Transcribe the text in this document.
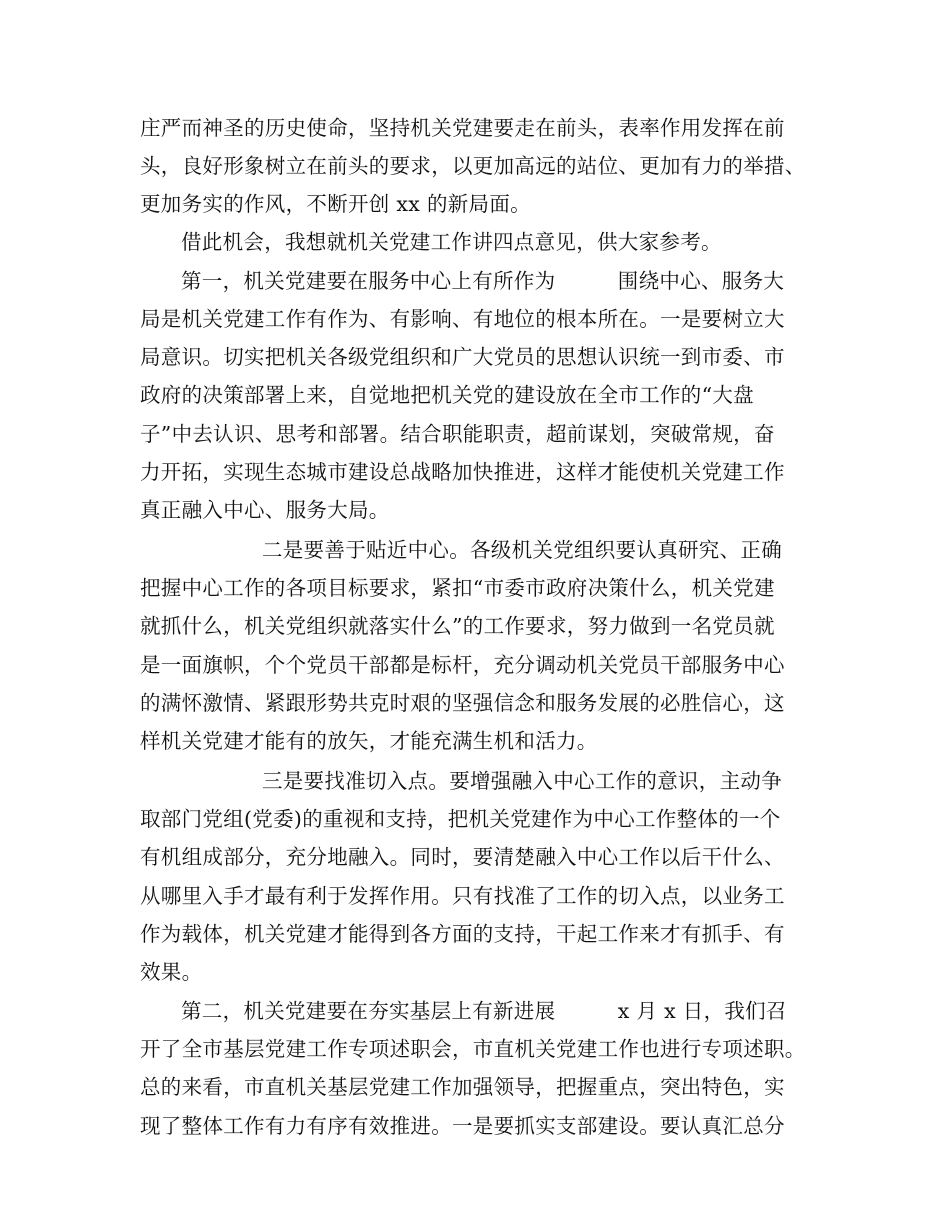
庄严而神圣的历史使命，坚持机关党建要走在前头，表率作用发挥在前
头，良好形象树立在前头的要求，以更加高远的站位、更加有力的举措、
更加务实的作风，不断开创 xx 的新局面。
借此机会，我想就机关党建工作讲四点意见，供大家参考。
第一，机关党建要在服务中心上有所作为　　　围绕中心、服务大
局是机关党建工作有作为、有影响、有地位的根本所在。一是要树立大
局意识。切实把机关各级党组织和广大党员的思想认识统一到市委、市
政府的决策部署上来，自觉地把机关党的建设放在全市工作的“大盘
子”中去认识、思考和部署。结合职能职责，超前谋划，突破常规，奋
力开拓，实现生态城市建设总战略加快推进，这样才能使机关党建工作
真正融入中心、服务大局。
二是要善于贴近中心。各级机关党组织要认真研究、正确
把握中心工作的各项目标要求，紧扣“市委市政府决策什么，机关党建
就抓什么，机关党组织就落实什么”的工作要求，努力做到一名党员就
是一面旗帜，个个党员干部都是标杆，充分调动机关党员干部服务中心
的满怀激情、紧跟形势共克时艰的坚强信念和服务发展的必胜信心，这
样机关党建才能有的放矢，才能充满生机和活力。
三是要找准切入点。要增强融入中心工作的意识，主动争
取部门党组(党委)的重视和支持，把机关党建作为中心工作整体的一个
有机组成部分，充分地融入。同时，要清楚融入中心工作以后干什么、
从哪里入手才最有利于发挥作用。只有找准了工作的切入点，以业务工
作为载体，机关党建才能得到各方面的支持，干起工作来才有抓手、有
效果。
第二，机关党建要在夯实基层上有新进展　　　x 月 x 日，我们召
开了全市基层党建工作专项述职会，市直机关党建工作也进行专项述职。
总的来看，市直机关基层党建工作加强领导，把握重点，突出特色，实
现了整体工作有力有序有效推进。一是要抓实支部建设。要认真汇总分
